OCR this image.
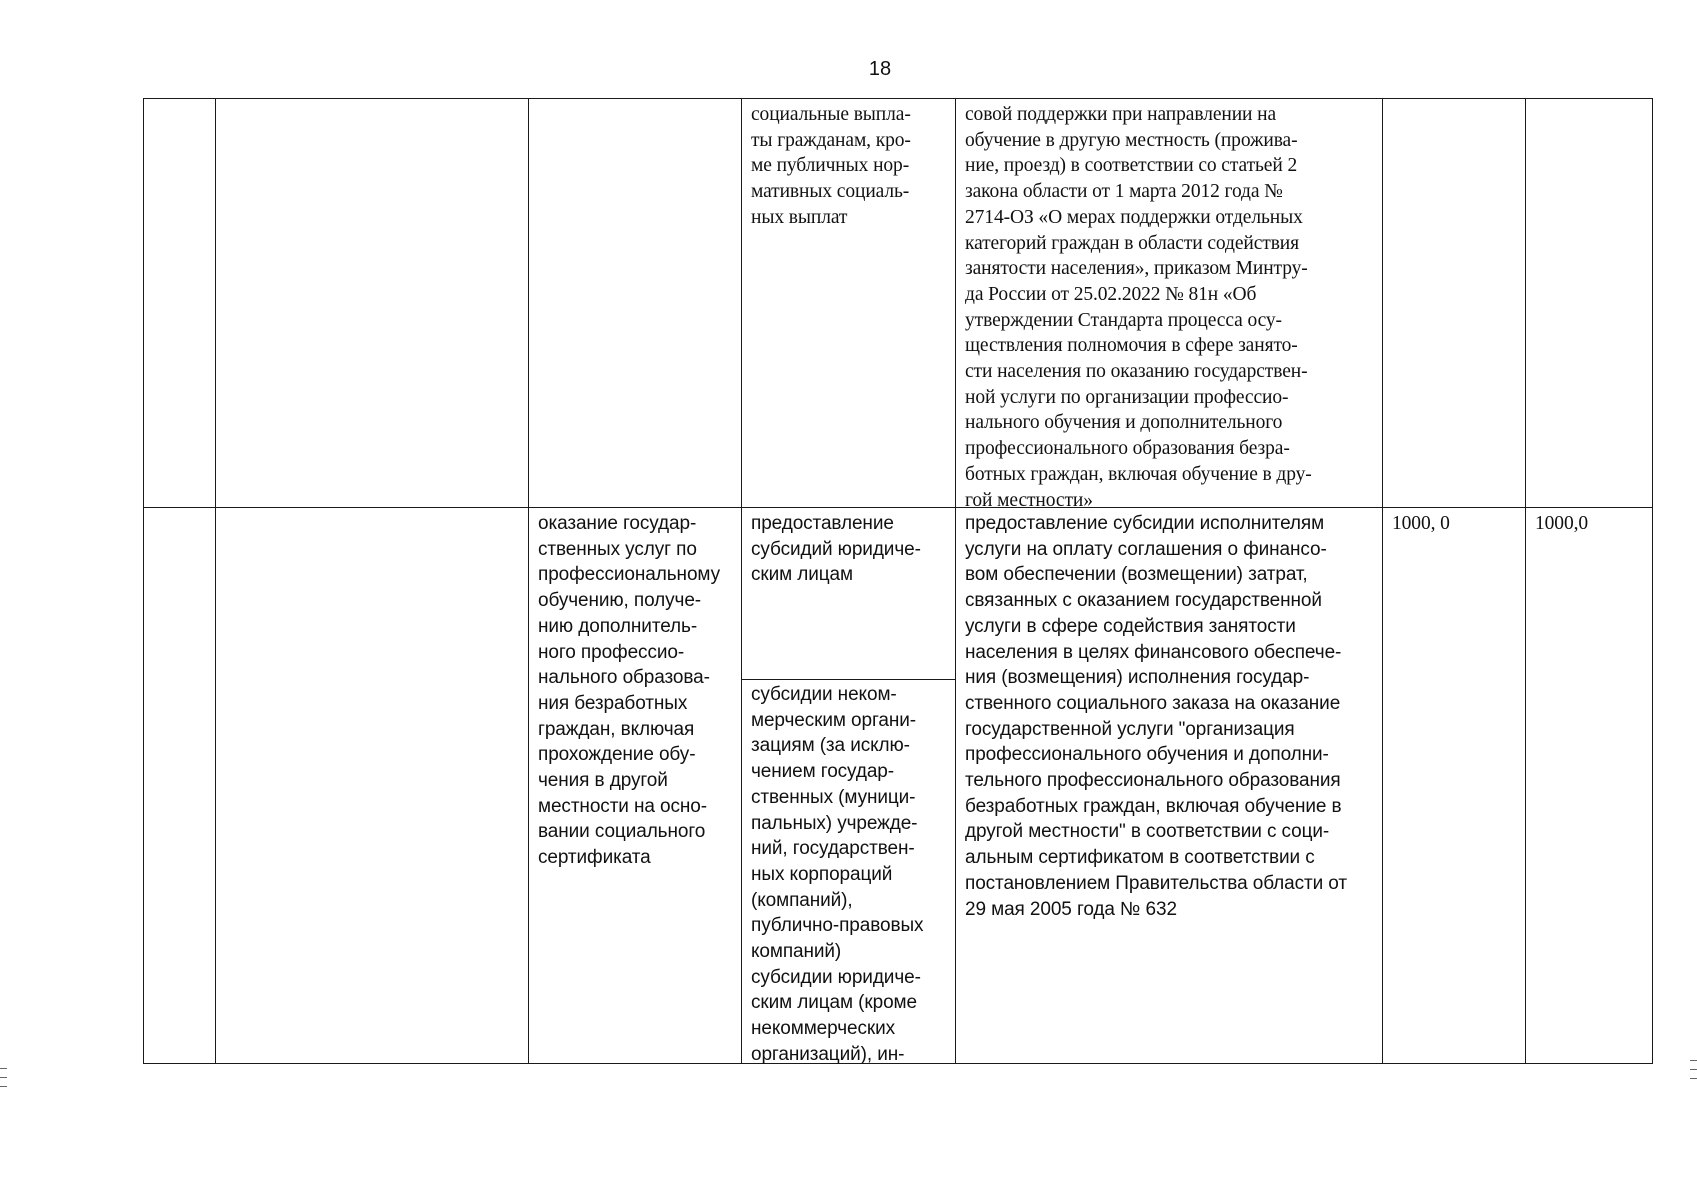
18
социальные выпла-
ты гражданам, кро-
ме публичных нор-
мативных социаль-
ных выплат
совой поддержки при направлении на
обучение в другую местность (прожива-
ние, проезд) в соответствии со статьей 2
закона области от 1 марта 2012 года №
2714-ОЗ «О мерах поддержки отдельных
категорий граждан в области содействия
занятости населения», приказом Минтру-
да России от 25.02.2022 № 81н «Об
утверждении Стандарта процесса осу-
ществления полномочия в сфере занято-
сти населения по оказанию государствен-
ной услуги по организации профессио-
нального обучения и дополнительного
профессионального образования безра-
ботных граждан, включая обучение в дру-
гой местности»
оказание государ-
ственных услуг по
профессиональному
обучению, получе-
нию дополнитель-
ного профессио-
нального образова-
ния безработных
граждан, включая
прохождение обу-
чения в другой
местности на осно-
вании социального
сертификата
предоставление
субсидий юридиче-
ским лицам
субсидии неком-
мерческим органи-
зациям (за исклю-
чением государ-
ственных (муници-
пальных) учрежде-
ний, государствен-
ных корпораций
(компаний),
публично-правовых
компаний)
субсидии юридиче-
ским лицам (кроме
некоммерческих
организаций), ин-
предоставление субсидии исполнителям
услуги на оплату соглашения о финансо-
вом обеспечении (возмещении) затрат,
связанных с оказанием государственной
услуги в сфере содействия занятости
населения в целях финансового обеспече-
ния (возмещения) исполнения государ-
ственного социального заказа на оказание
государственной услуги "организация
профессионального обучения и дополни-
тельного профессионального образования
безработных граждан, включая обучение в
другой местности" в соответствии с соци-
альным сертификатом в соответствии с
постановлением Правительства области от
29 мая 2005 года № 632
1000, 0	1000,0
